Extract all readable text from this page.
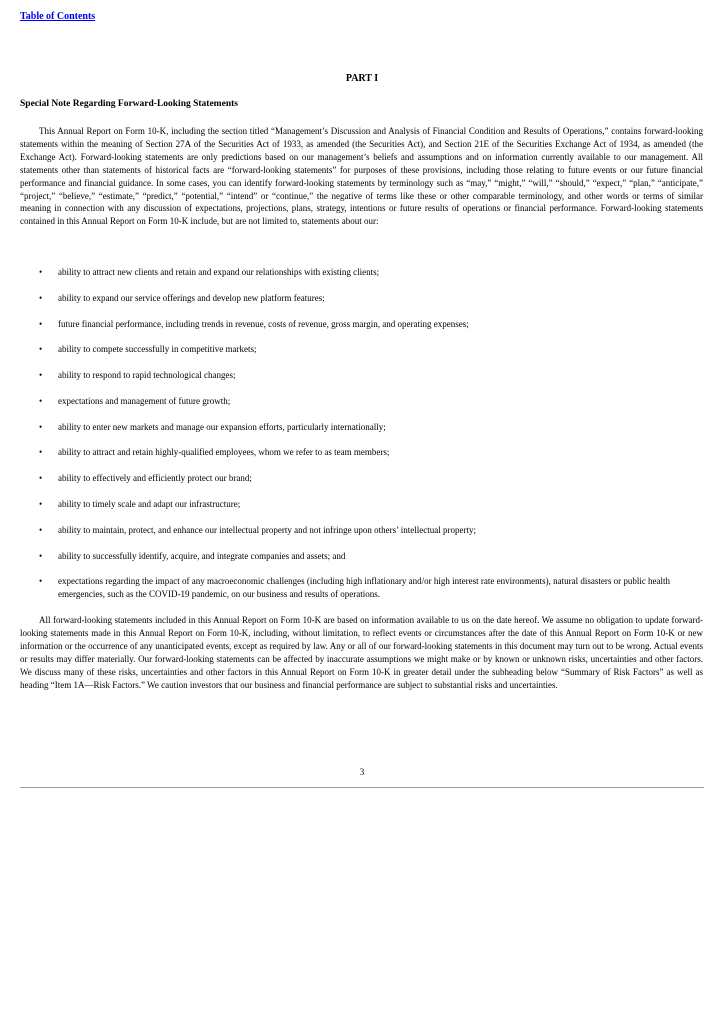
Table of Contents
PART I
Special Note Regarding Forward-Looking Statements

This Annual Report on Form 10-K, including the section titled “Management’s Discussion and Analysis of Financial Condition and Results of Operations,” contains forward-looking statements within the meaning of Section 27A of the Securities Act of 1933, as amended (the Securities Act), and Section 21E of the Securities Exchange Act of 1934, as amended (the Exchange Act). Forward-looking statements are only predictions based on our management’s beliefs and assumptions and on information currently available to our management. All statements other than statements of historical facts are “forward-looking statements” for purposes of these provisions, including those relating to future events or our future financial performance and financial guidance. In some cases, you can identify forward-looking statements by terminology such as “may,” “might,” “will,” “should,” “expect,” “plan,” “anticipate,” “project,” “believe,” “estimate,” “predict,” “potential,” “intend” or “continue,” the negative of terms like these or other comparable terminology, and other words or terms of similar meaning in connection with any discussion of expectations, projections, plans, strategy, intentions or future results of operations or financial performance. Forward-looking statements contained in this Annual Report on Form 10-K include, but are not limited to, statements about our:

• ability to attract new clients and retain and expand our relationships with existing clients;
• ability to expand our service offerings and develop new platform features;
• future financial performance, including trends in revenue, costs of revenue, gross margin, and operating expenses;
• ability to compete successfully in competitive markets;
• ability to respond to rapid technological changes;
• expectations and management of future growth;
• ability to enter new markets and manage our expansion efforts, particularly internationally;
• ability to attract and retain highly-qualified employees, whom we refer to as team members;
• ability to effectively and efficiently protect our brand;
• ability to timely scale and adapt our infrastructure;
• ability to maintain, protect, and enhance our intellectual property and not infringe upon others’ intellectual property;
• ability to successfully identify, acquire, and integrate companies and assets; and
• expectations regarding the impact of any macroeconomic challenges (including high inflationary and/or high interest rate environments), natural disasters or public health emergencies, such as the COVID-19 pandemic, on our business and results of operations.

All forward-looking statements included in this Annual Report on Form 10-K are based on information available to us on the date hereof. We assume no obligation to update forward-looking statements made in this Annual Report on Form 10-K, including, without limitation, to reflect events or circumstances after the date of this Annual Report on Form 10-K or new information or the occurrence of any unanticipated events, except as required by law. Any or all of our forward-looking statements in this document may turn out to be wrong. Actual events or results may differ materially. Our forward-looking statements can be affected by inaccurate assumptions we might make or by known or unknown risks, uncertainties and other factors. We discuss many of these risks, uncertainties and other factors in this Annual Report on Form 10-K in greater detail under the subheading below “Summary of Risk Factors” as well as heading “Item 1A—Risk Factors.” We caution investors that our business and financial performance are subject to substantial risks and uncertainties.

3
